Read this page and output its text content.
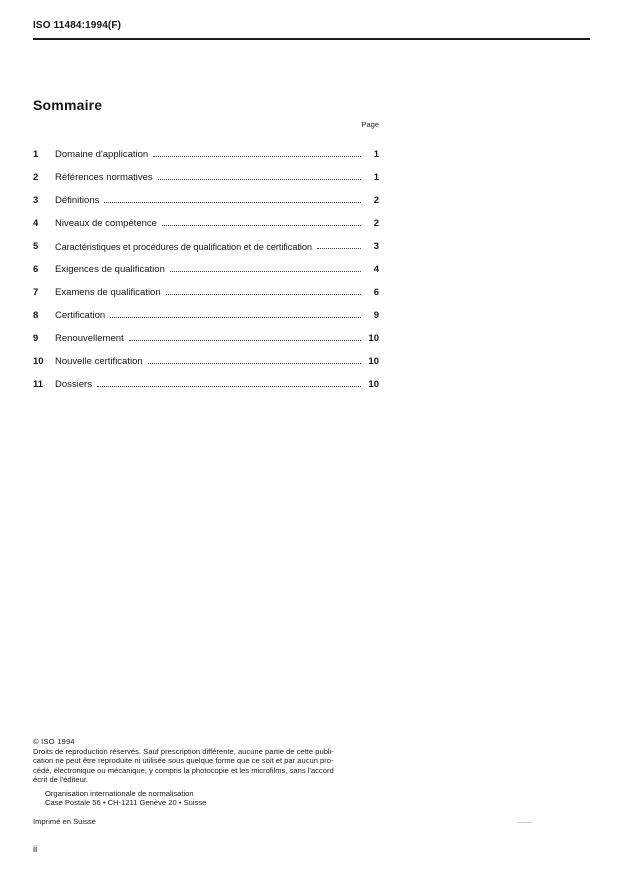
ISO 11484:1994(F)
Sommaire
Page
1	Domaine d'application	1
2	Références normatives	1
3	Définitions	2
4	Niveaux de compétence	2
5	Caractéristiques et procédures de qualification et de certification	3
6	Exigences de qualification	4
7	Examens de qualification	6
8	Certification	9
9	Renouvellement	10
10	Nouvelle certification	10
11	Dossiers	10
© ISO 1994
Droits de reproduction réservés. Sauf prescription différente, aucune partie de cette publi-
cation ne peut être reproduite ni utilisée sous quelque forme que ce soit et par aucun pro-
cédé, électronique ou mécanique, y compris la photocopie et les microfilms, sans l'accord
écrit de l'éditeur.
Organisation internationale de normalisation
Case Postale 56 • CH-1211 Genève 20 • Suisse
Imprimé en Suisse
ii
